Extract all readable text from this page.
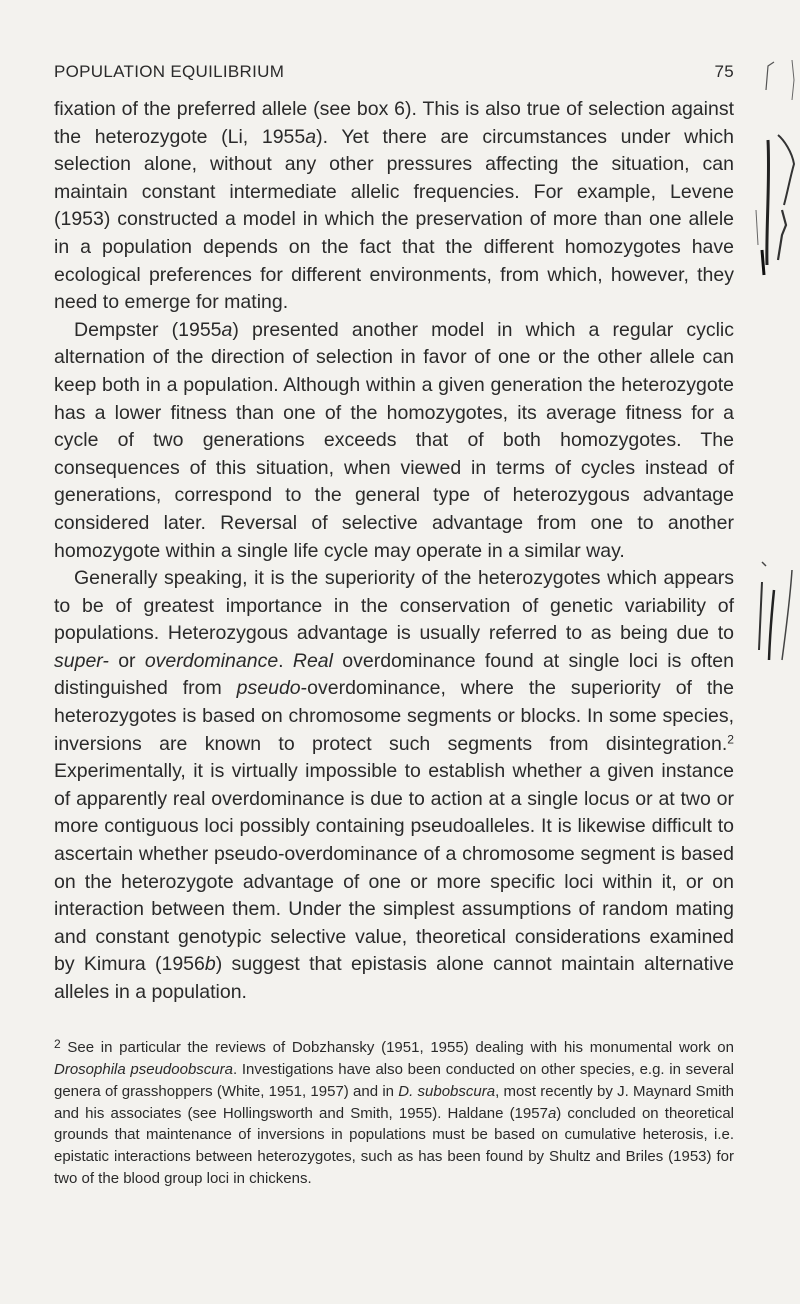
POPULATION EQUILIBRIUM	75

fixation of the preferred allele (see box 6). This is also true of selection against the heterozygote (Li, 1955a). Yet there are circumstances under which selection alone, without any other pressures affecting the situation, can maintain constant intermediate allelic frequencies. For example, Levene (1953) constructed a model in which the preservation of more than one allele in a population depends on the fact that the different homozygotes have ecological preferences for different environments, from which, however, they need to emerge for mating.

Dempster (1955a) presented another model in which a regular cyclic alternation of the direction of selection in favor of one or the other allele can keep both in a population. Although within a given generation the heterozygote has a lower fitness than one of the homozygotes, its average fitness for a cycle of two generations exceeds that of both homozygotes. The consequences of this situation, when viewed in terms of cycles instead of generations, correspond to the general type of heterozygous advantage considered later. Reversal of selective advantage from one to another homozygote within a single life cycle may operate in a similar way.

Generally speaking, it is the superiority of the heterozygotes which appears to be of greatest importance in the conservation of genetic variability of populations. Heterozygous advantage is usually referred to as being due to super- or overdominance. Real overdominance found at single loci is often distinguished from pseudo-overdominance, where the superiority of the heterozygotes is based on chromosome segments or blocks. In some species, inversions are known to protect such segments from disintegration.$^2$ Experimentally, it is virtually impossible to establish whether a given instance of apparently real overdominance is due to action at a single locus or at two or more contiguous loci possibly containing pseudoalleles. It is likewise difficult to ascertain whether pseudo-overdominance of a chromosome segment is based on the heterozygote advantage of one or more specific loci within it, or on interaction between them. Under the simplest assumptions of random mating and constant genotypic selective value, theoretical considerations examined by Kimura (1956b) suggest that epistasis alone cannot maintain alternative alleles in a population.

$^2$ See in particular the reviews of Dobzhansky (1951, 1955) dealing with his monumental work on Drosophila pseudoobscura. Investigations have also been conducted on other species, e.g. in several genera of grasshoppers (White, 1951, 1957) and in D. subobscura, most recently by J. Maynard Smith and his associates (see Hollingsworth and Smith, 1955). Haldane (1957a) concluded on theoretical grounds that maintenance of inversions in populations must be based on cumulative heterosis, i.e. epistatic interactions between heterozygotes, such as has been found by Shultz and Briles (1953) for two of the blood group loci in chickens.
